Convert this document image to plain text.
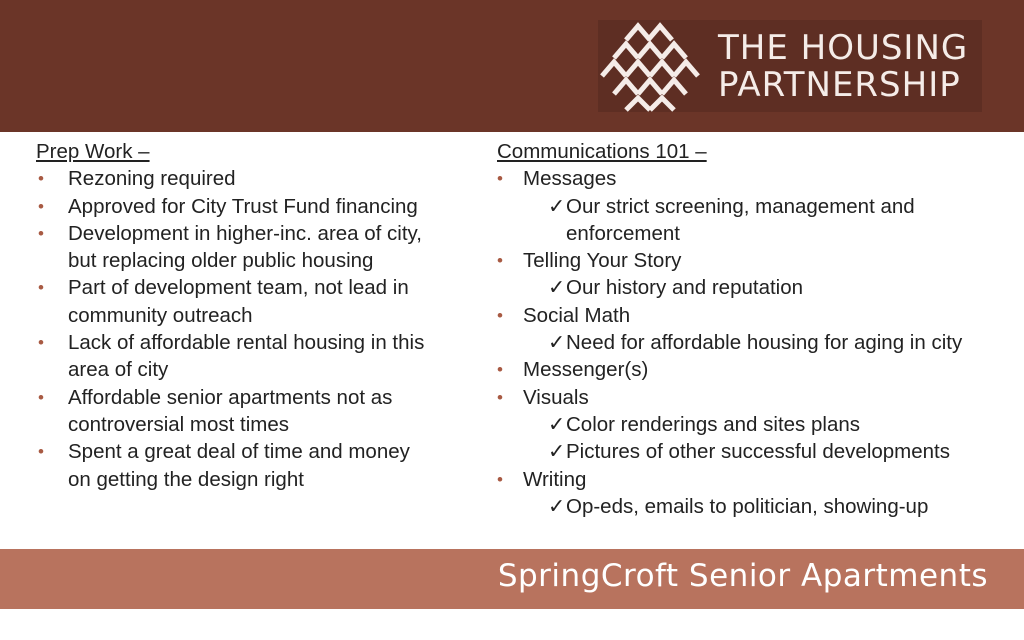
THE HOUSING
PARTNERSHIP
Prep Work –
• Rezoning required
• Approved for City Trust Fund financing
• Development in higher-inc. area of city, but replacing older public housing
• Part of development team, not lead in community outreach
• Lack of affordable rental housing in this area of city
• Affordable senior apartments not as controversial most times
• Spent a great deal of time and money on getting the design right
Communications 101 –
• Messages
✓ Our strict screening, management and enforcement
• Telling Your Story
✓ Our history and reputation
• Social Math
✓ Need for affordable housing for aging in city
• Messenger(s)
• Visuals
✓ Color renderings and sites plans
✓ Pictures of other successful developments
• Writing
✓ Op-eds, emails to politician, showing-up
SpringCroft Senior Apartments
